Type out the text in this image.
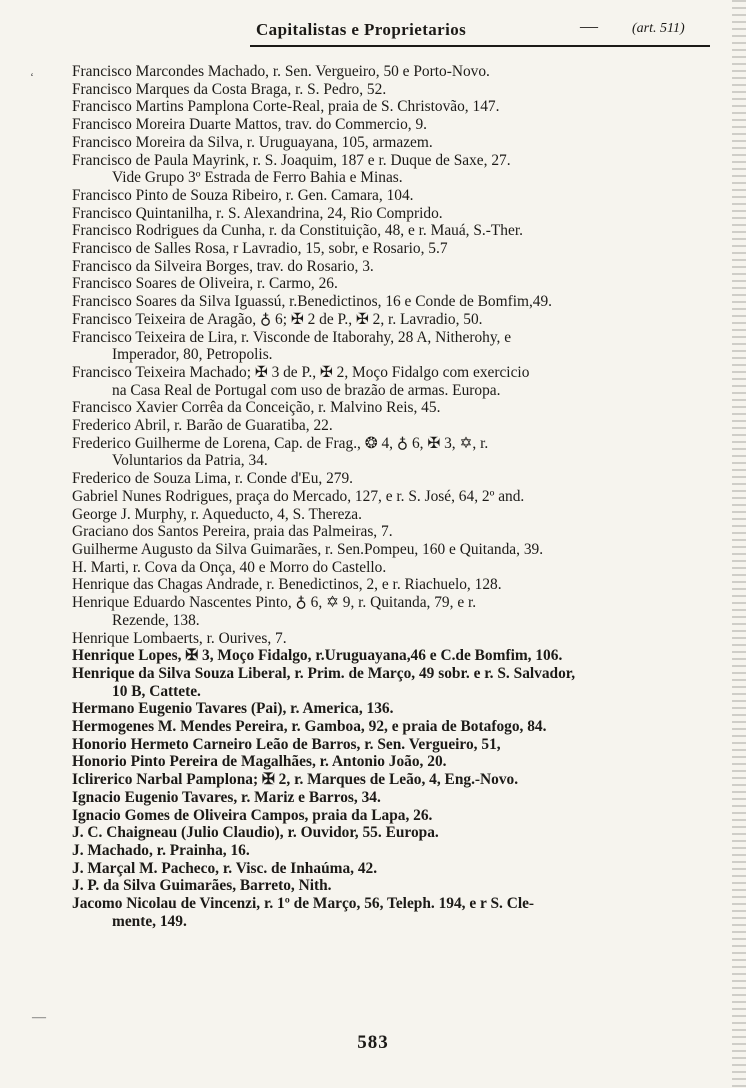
Capitalistas e Proprietarios	— (art. 511)
‘
—
Francisco Marcondes Machado, r. Sen. Vergueiro, 50 e Porto-Novo.
Francisco Marques da Costa Braga, r. S. Pedro, 52.
Francisco Martins Pamplona Corte-Real, praia de S. Christovão, 147.
Francisco Moreira Duarte Mattos, trav. do Commercio, 9.
Francisco Moreira da Silva, r. Uruguayana, 105, armazem.
Francisco de Paula Mayrink, r. S. Joaquim, 187 e r. Duque de Saxe, 27.
Vide Grupo 3º Estrada de Ferro Bahia e Minas.
Francisco Pinto de Souza Ribeiro, r. Gen. Camara, 104.
Francisco Quintanilha, r. S. Alexandrina, 24, Rio Comprido.
Francisco Rodrigues da Cunha, r. da Constituição, 48, e r. Mauá, S.-Ther.
Francisco de Salles Rosa, r Lavradio, 15, sobr, e Rosario, 5.7
Francisco da Silveira Borges, trav. do Rosario, 3.
Francisco Soares de Oliveira, r. Carmo, 26.
Francisco Soares da Silva Iguassú, r.Benedictinos, 16 e Conde de Bomfim,49.
Francisco Teixeira de Aragão, ♁ 6; ✠ 2 de P., ✠ 2, r. Lavradio, 50.
Francisco Teixeira de Lira, r. Visconde de Itaborahy, 28 A, Nitherohy, e
Imperador, 80, Petropolis.
Francisco Teixeira Machado; ✠ 3 de P., ✠ 2, Moço Fidalgo com exercicio
na Casa Real de Portugal com uso de brazão de armas. Europa.
Francisco Xavier Corrêa da Conceição, r. Malvino Reis, 45.
Frederico Abril, r. Barão de Guaratiba, 22.
Frederico Guilherme de Lorena, Cap. de Frag., ❂ 4, ♁ 6, ✠ 3, ✡, r.
Voluntarios da Patria, 34.
Frederico de Souza Lima, r. Conde d'Eu, 279.
Gabriel Nunes Rodrigues, praça do Mercado, 127, e r. S. José, 64, 2º and.
George J. Murphy, r. Aqueducto, 4, S. Thereza.
Graciano dos Santos Pereira, praia das Palmeiras, 7.
Guilherme Augusto da Silva Guimarães, r. Sen.Pompeu, 160 e Quitanda, 39.
H. Marti, r. Cova da Onça, 40 e Morro do Castello.
Henrique das Chagas Andrade, r. Benedictinos, 2, e r. Riachuelo, 128.
Henrique Eduardo Nascentes Pinto, ♁ 6, ✡ 9, r. Quitanda, 79, e r.
Rezende, 138.
Henrique Lombaerts, r. Ourives, 7.
Henrique Lopes, ✠ 3, Moço Fidalgo, r.Uruguayana,46 e C.de Bomfim, 106.
Henrique da Silva Souza Liberal, r. Prim. de Março, 49 sobr. e r. S. Salvador,
10 B, Cattete.
Hermano Eugenio Tavares (Pai), r. America, 136.
Hermogenes M. Mendes Pereira, r. Gamboa, 92, e praia de Botafogo, 84.
Honorio Hermeto Carneiro Leão de Barros, r. Sen. Vergueiro, 51,
Honorio Pinto Pereira de Magalhães, r. Antonio João, 20.
Iclirerico Narbal Pamplona; ✠ 2, r. Marques de Leão, 4, Eng.-Novo.
Ignacio Eugenio Tavares, r. Mariz e Barros, 34.
Ignacio Gomes de Oliveira Campos, praia da Lapa, 26.
J. C. Chaigneau (Julio Claudio), r. Ouvidor, 55. Europa.
J. Machado, r. Prainha, 16.
J. Marçal M. Pacheco, r. Visc. de Inhaúma, 42.
J. P. da Silva Guimarães, Barreto, Nith.
Jacomo Nicolau de Vincenzi, r. 1º de Março, 56, Teleph. 194, e r S. Cle-
mente, 149.
583
